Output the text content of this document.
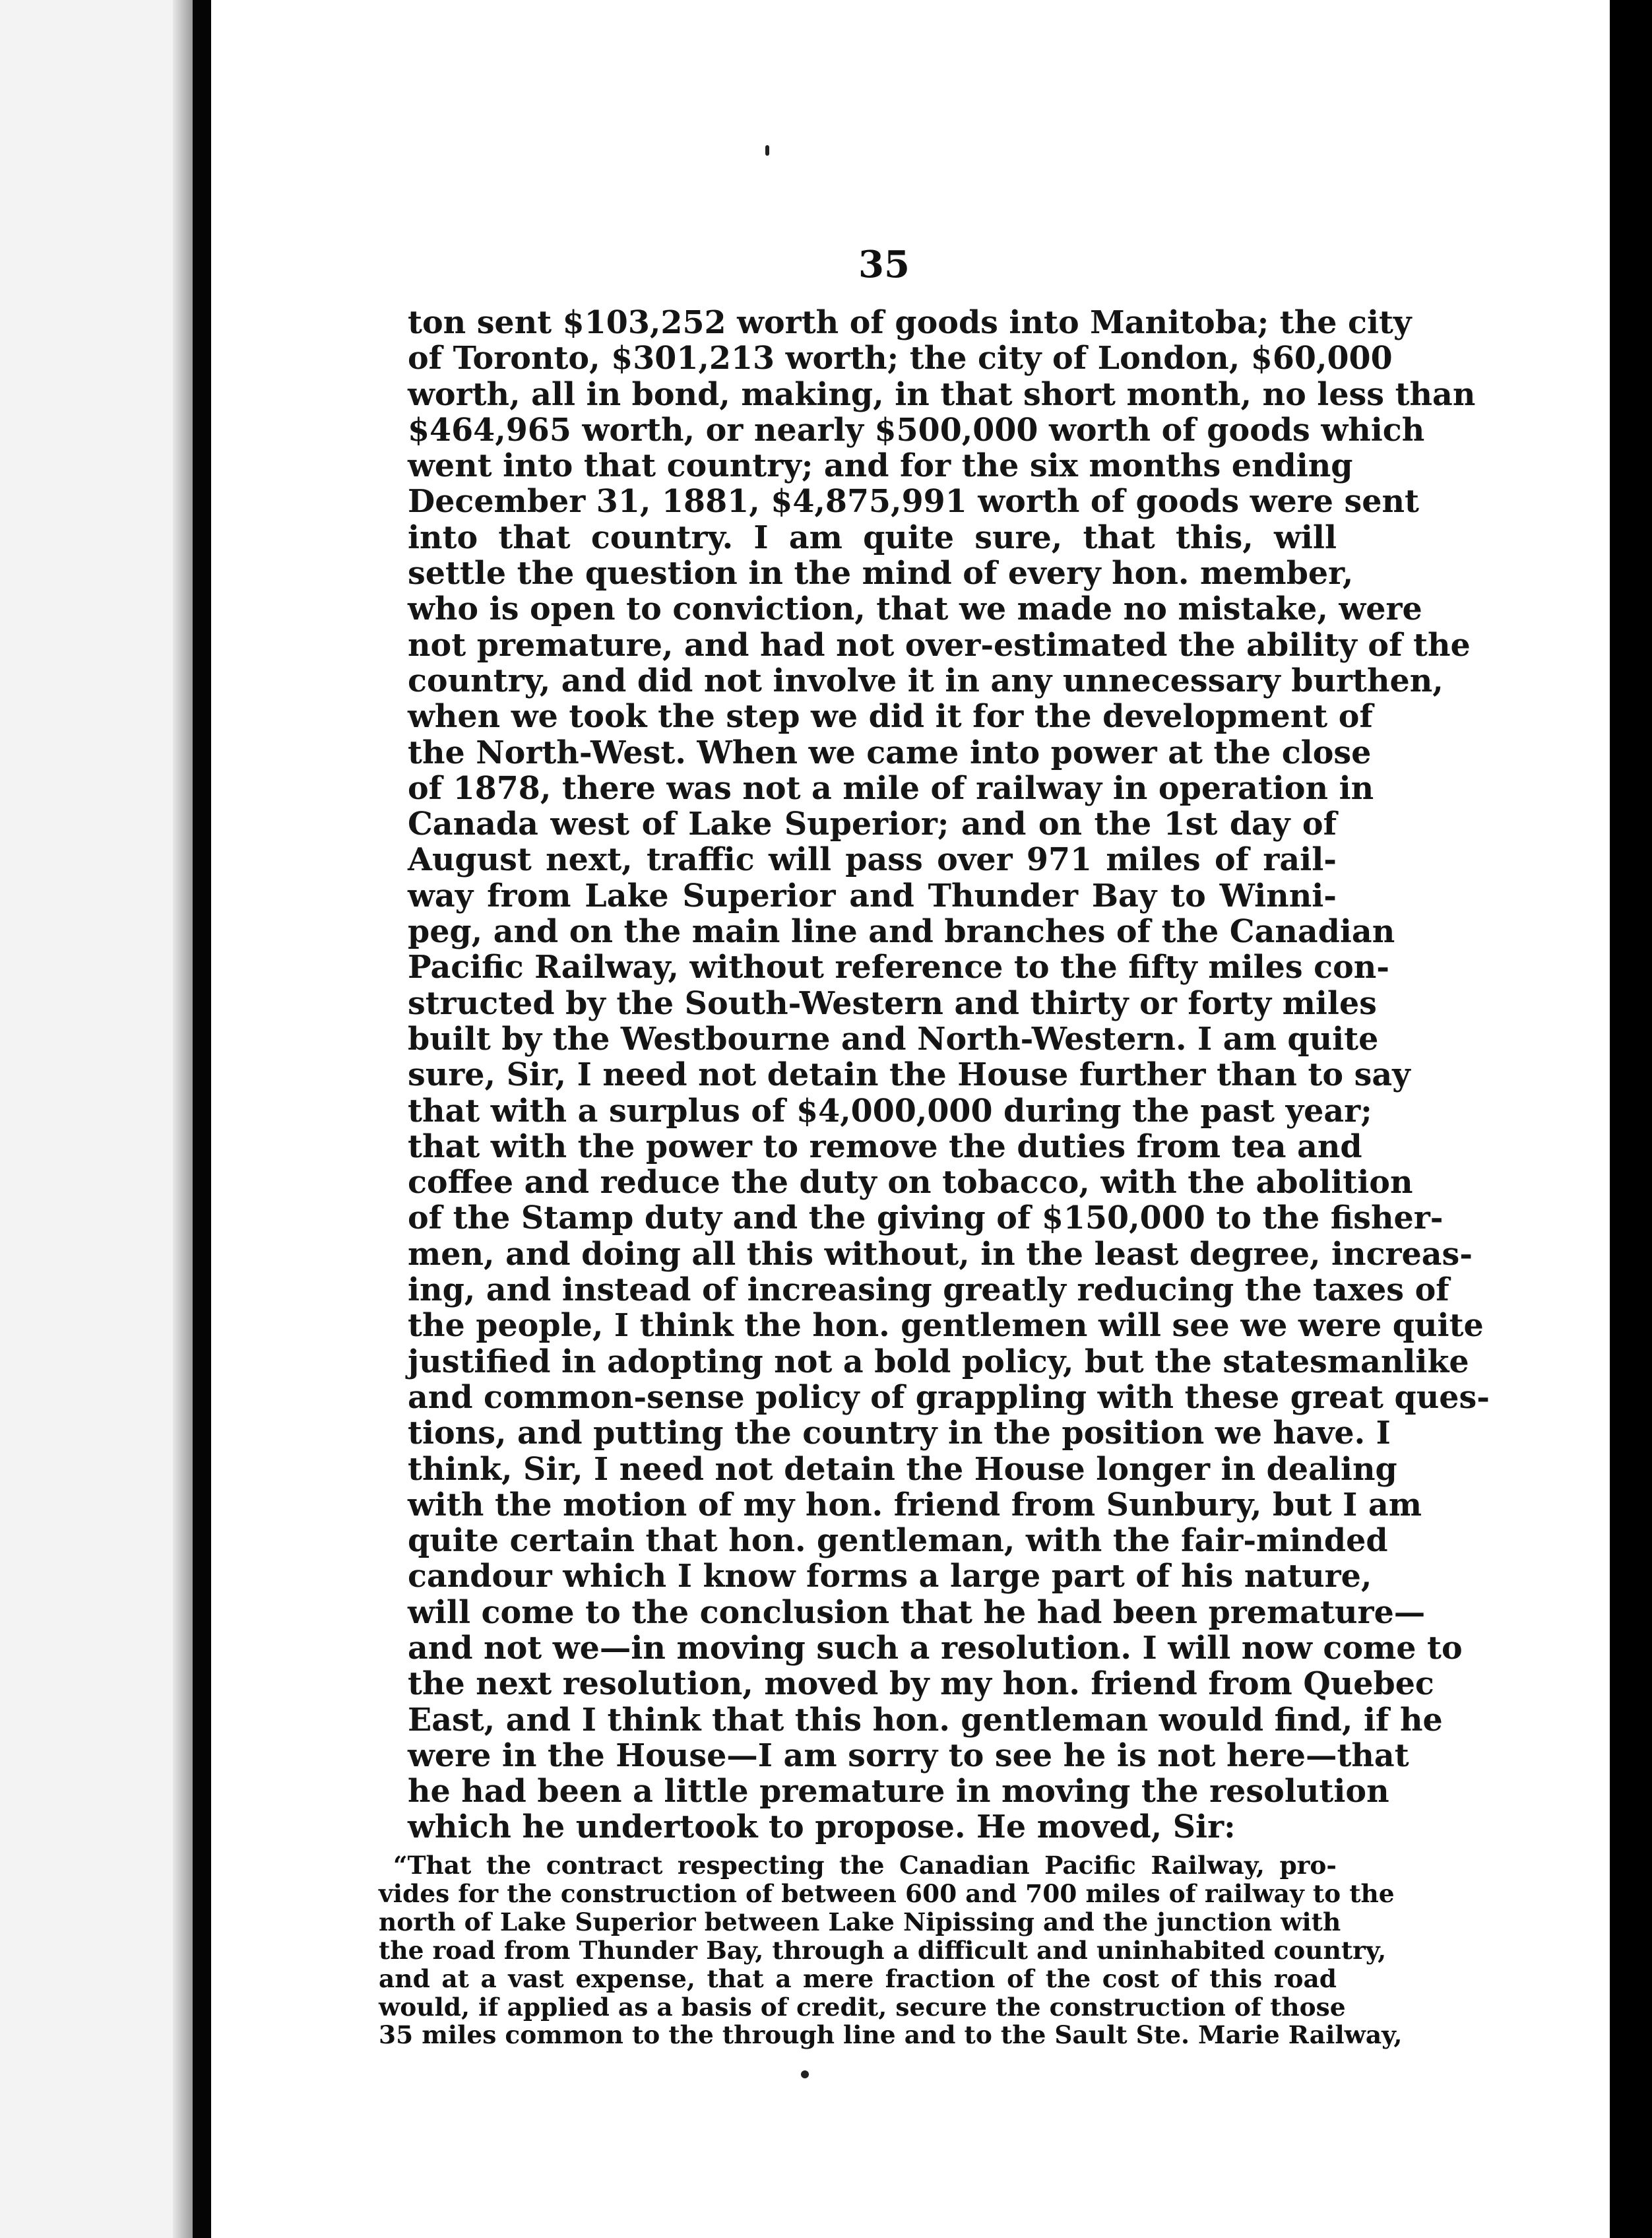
35
ton sent $103,252 worth of goods into Manitoba; the city
of Toronto, $301,213 worth; the city of London, $60,000
worth, all in bond, making, in that short month, no less than
$464,965 worth, or nearly $500,000 worth of goods which
went into that country; and for the six months ending
December 31, 1881, $4,875,991 worth of goods were sent
into that country. I am quite sure, that this, will
settle the question in the mind of every hon. member,
who is open to conviction, that we made no mistake, were
not premature, and had not over-estimated the ability of the
country, and did not involve it in any unnecessary burthen,
when we took the step we did it for the development of
the North-West. When we came into power at the close
of 1878, there was not a mile of railway in operation in
Canada west of Lake Superior; and on the 1st day of
August next, traffic will pass over 971 miles of rail-
way from Lake Superior and Thunder Bay to Winni-
peg, and on the main line and branches of the Canadian
Pacific Railway, without reference to the fifty miles con-
structed by the South-Western and thirty or forty miles
built by the Westbourne and North-Western. I am quite
sure, Sir, I need not detain the House further than to say
that with a surplus of $4,000,000 during the past year;
that with the power to remove the duties from tea and
coffee and reduce the duty on tobacco, with the abolition
of the Stamp duty and the giving of $150,000 to the fisher-
men, and doing all this without, in the least degree, increas-
ing, and instead of increasing greatly reducing the taxes of
the people, I think the hon. gentlemen will see we were quite
justified in adopting not a bold policy, but the statesmanlike
and common-sense policy of grappling with these great ques-
tions, and putting the country in the position we have. I
think, Sir, I need not detain the House longer in dealing
with the motion of my hon. friend from Sunbury, but I am
quite certain that hon. gentleman, with the fair-minded
candour which I know forms a large part of his nature,
will come to the conclusion that he had been premature—
and not we—in moving such a resolution. I will now come to
the next resolution, moved by my hon. friend from Quebec
East, and I think that this hon. gentleman would find, if he
were in the House—I am sorry to see he is not here—that
he had been a little premature in moving the resolution
which he undertook to propose. He moved, Sir:
“That the contract respecting the Canadian Pacific Railway, pro-
vides for the construction of between 600 and 700 miles of railway to the
north of Lake Superior between Lake Nipissing and the junction with
the road from Thunder Bay, through a difficult and uninhabited country,
and at a vast expense, that a mere fraction of the cost of this road
would, if applied as a basis of credit, secure the construction of those
35 miles common to the through line and to the Sault Ste. Marie Railway,
